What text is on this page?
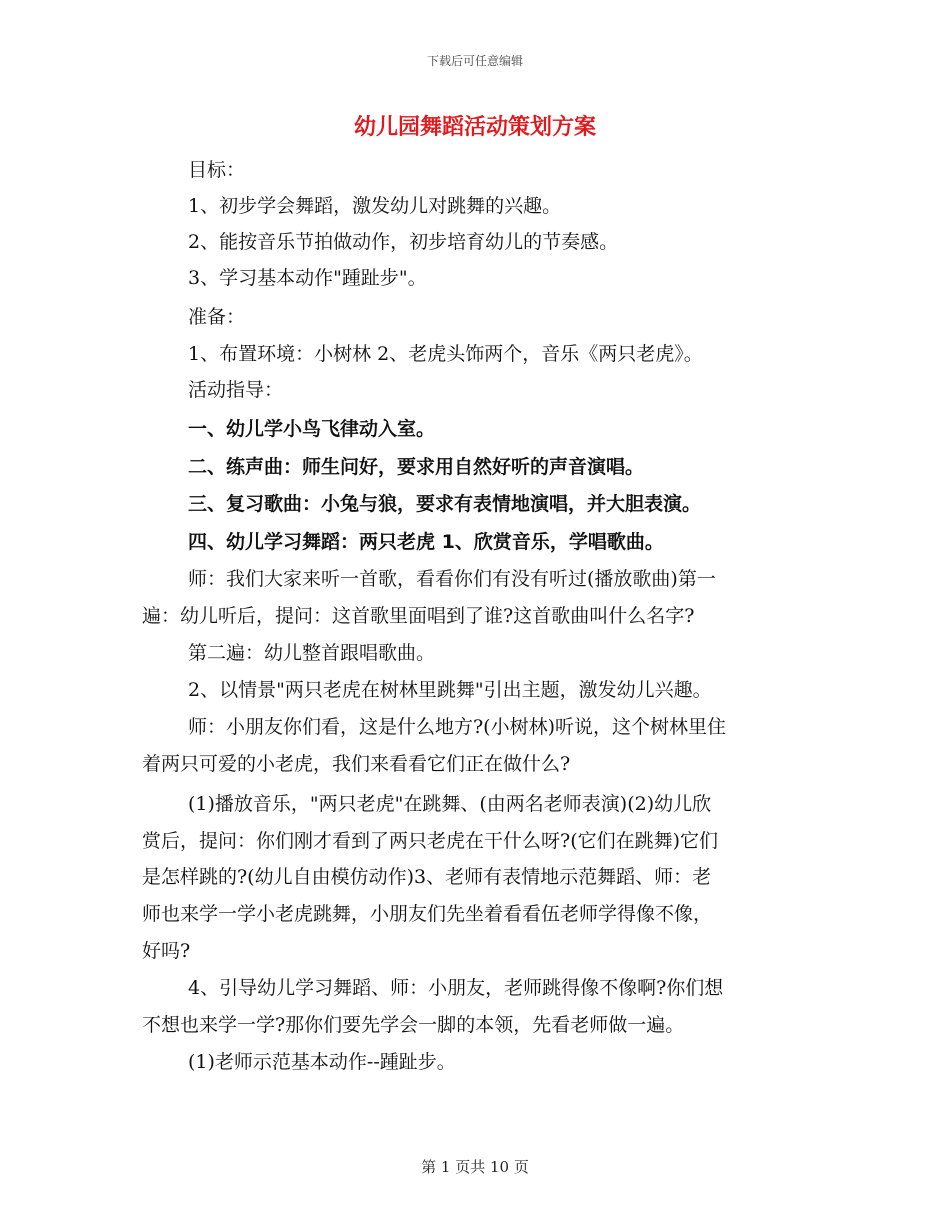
下载后可任意编辑
幼儿园舞蹈活动策划方案
目标：
1、初步学会舞蹈，激发幼儿对跳舞的兴趣。
2、能按音乐节拍做动作，初步培育幼儿的节奏感。
3、学习基本动作"踵趾步"。
准备：
1、布置环境：小树林 2、老虎头饰两个，音乐《两只老虎》。
活动指导：
一、幼儿学小鸟飞律动入室。
二、练声曲：师生问好，要求用自然好听的声音演唱。
三、复习歌曲：小兔与狼，要求有表情地演唱，并大胆表演。
四、幼儿学习舞蹈：两只老虎 1、欣赏音乐，学唱歌曲。
师：我们大家来听一首歌，看看你们有没有听过(播放歌曲)第一
遍：幼儿听后，提问：这首歌里面唱到了谁?这首歌曲叫什么名字?
第二遍：幼儿整首跟唱歌曲。
2、以情景"两只老虎在树林里跳舞"引出主题，激发幼儿兴趣。
师：小朋友你们看，这是什么地方?(小树林)听说，这个树林里住
着两只可爱的小老虎，我们来看看它们正在做什么?
(1)播放音乐，"两只老虎"在跳舞、(由两名老师表演)(2)幼儿欣
赏后，提问：你们刚才看到了两只老虎在干什么呀?(它们在跳舞)它们
是怎样跳的?(幼儿自由模仿动作)3、老师有表情地示范舞蹈、师：老
师也来学一学小老虎跳舞，小朋友们先坐着看看伍老师学得像不像，
好吗?
4、引导幼儿学习舞蹈、师：小朋友，老师跳得像不像啊?你们想
不想也来学一学?那你们要先学会一脚的本领，先看老师做一遍。
(1)老师示范基本动作--踵趾步。
第 1 页共 10 页
